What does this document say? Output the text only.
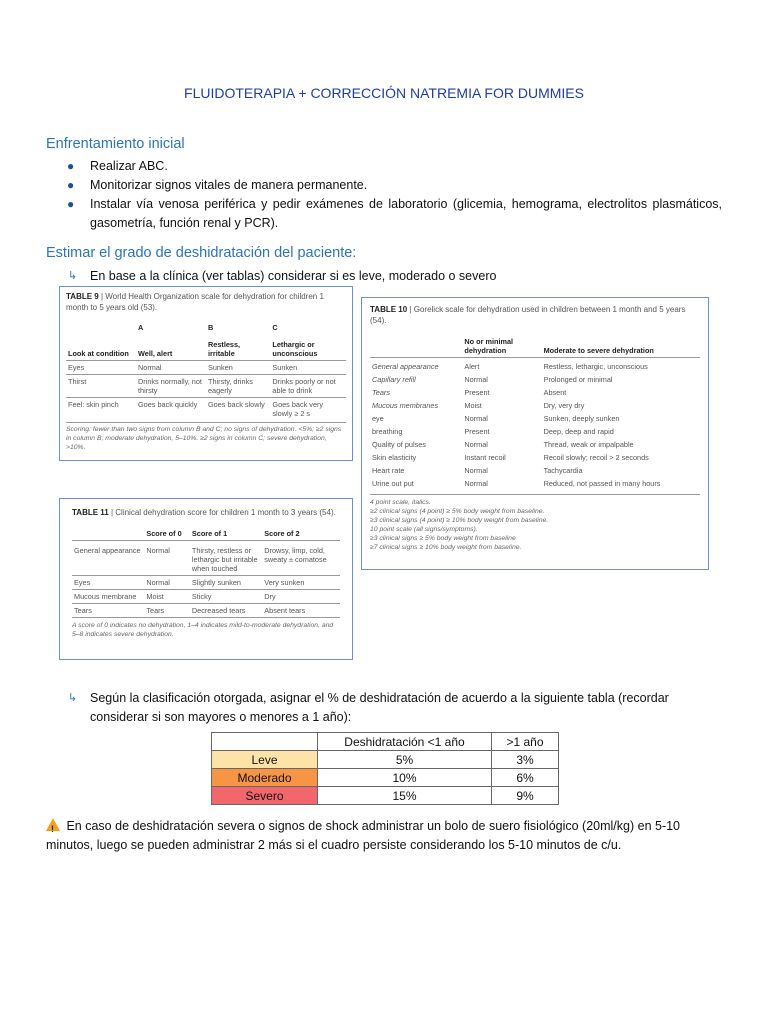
FLUIDOTERAPIA + CORRECCIÓN NATREMIA FOR DUMMIES
Enfrentamiento inicial
●	Realizar ABC.
●	Monitorizar signos vitales de manera permanente.
●	Instalar vía venosa periférica y pedir exámenes de laboratorio (glicemia, hemograma, electrolitos plasmáticos, gasometría, función renal y PCR).
Estimar el grado de deshidratación del paciente:
↳	En base a la clínica (ver tablas) considerar si es leve, moderado o severo
TABLE 9 | World Health Organization scale for dehydration for children 1 month to 5 years old (53).
	A	B	C
Look at condition	Well, alert	Restless, irritable	Lethargic or unconscious
Eyes	Normal	Sunken	Sunken
Thirst	Drinks normally, not thirsty	Thirsty, drinks eagerly	Drinks poorly or not able to drink
Feel: skin pinch	Goes back quickly	Goes back slowly	Goes back very slowly ≥ 2 s
Scoring: fewer than two signs from column B and C; no signs of dehydration. <5%; ≥2 signs in column B; moderate dehydration, 5–10%. ≥2 signs in column C; severe dehydration, >10%.
TABLE 10 | Gorelick scale for dehydration used in children between 1 month and 5 years (54).
	No or minimal dehydration	Moderate to severe dehydration
General appearance	Alert	Restless, lethargic, unconscious
Capillary refill	Normal	Prolonged or minimal
Tears	Present	Absent
Mucous membranes	Moist	Dry, very dry
eye	Normal	Sunken, deeply sunken
breathing	Present	Deep, deep and rapid
Quality of pulses	Normal	Thread, weak or impalpable
Skin elasticity	Instant recoil	Recoil slowly; recoil > 2 seconds
Heart rate	Normal	Tachycardia
Urine out put	Normal	Reduced, not passed in many hours
4 point scale, italics.
≥2 clinical signs (4 point) ≥ 5% body weight from baseline.
≥3 clinical signs (4 point) ≥ 10% body weight from baseline.
10 point scale (all signs/symptoms).
≥3 clinical signs ≥ 5% body weight from baseline
≥7 clinical signs ≥ 10% body weight from baseline.
TABLE 11 | Clinical dehydration score for children 1 month to 3 years (54).
	Score of 0	Score of 1	Score of 2
General appearance	Normal	Thirsty, restless or lethargic but irritable when touched	Drowsy, limp, cold, sweaty ± comatose
Eyes	Normal	Slightly sunken	Very sunken
Mucous membrane	Moist	Sticky	Dry
Tears	Tears	Decreased tears	Absent tears
A score of 0 indicates no dehydration, 1–4 indicates mild-to-moderate dehydration, and 5–8 indicates severe dehydration.
↳	Según la clasificación otorgada, asignar el % de deshidratación de acuerdo a la siguiente tabla (recordar considerar si son mayores o menores a 1 año):
	Deshidratación <1 año	>1 año
Leve	5%	3%
Moderado	10%	6%
Severo	15%	9%
! En caso de deshidratación severa o signos de shock administrar un bolo de suero fisiológico (20ml/kg) en 5-10 minutos, luego se pueden administrar 2 más si el cuadro persiste considerando los 5-10 minutos de c/u.
